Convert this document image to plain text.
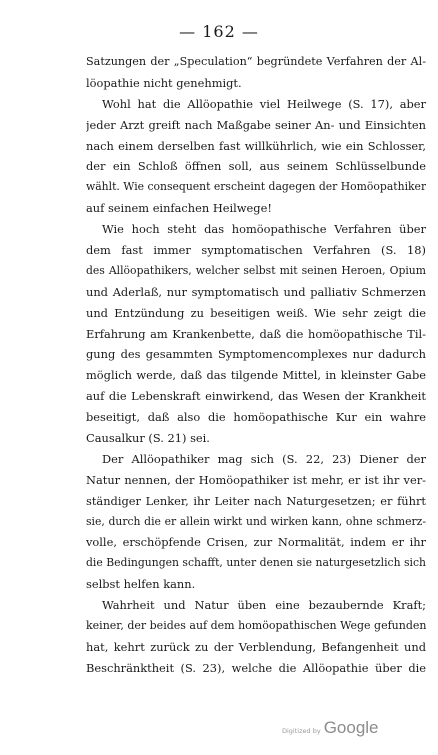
— 162 —
Satzungen der „Speculation“ begründete Verfahren der Al-
löopathie nicht genehmigt.
Wohl hat die Allöopathie viel Heilwege (S. 17), aber
jeder Arzt greift nach Maßgabe seiner An- und Einsichten
nach einem derselben fast willkührlich, wie ein Schlosser,
der ein Schloß öffnen soll, aus seinem Schlüsselbunde
wählt. Wie consequent erscheint dagegen der Homöopathiker
auf seinem einfachen Heilwege!
Wie hoch steht das homöopathische Verfahren über
dem fast immer symptomatischen Verfahren (S. 18)
des Allöopathikers, welcher selbst mit seinen Heroen, Opium
und Aderlaß, nur symptomatisch und palliativ Schmerzen
und Entzündung zu beseitigen weiß. Wie sehr zeigt die
Erfahrung am Krankenbette, daß die homöopathische Til-
gung des gesammten Symptomencomplexes nur dadurch
möglich werde, daß das tilgende Mittel, in kleinster Gabe
auf die Lebenskraft einwirkend, das Wesen der Krankheit
beseitigt, daß also die homöopathische Kur ein wahre
Causalkur (S. 21) sei.
Der Allöopathiker mag sich (S. 22, 23) Diener der
Natur nennen, der Homöopathiker ist mehr, er ist ihr ver-
ständiger Lenker, ihr Leiter nach Naturgesetzen; er führt
sie, durch die er allein wirkt und wirken kann, ohne schmerz-
volle, erschöpfende Crisen, zur Normalität, indem er ihr
die Bedingungen schafft, unter denen sie naturgesetzlich sich
selbst helfen kann.
Wahrheit und Natur üben eine bezaubernde Kraft;
keiner, der beides auf dem homöopathischen Wege gefunden
hat, kehrt zurück zu der Verblendung, Befangenheit und
Beschränktheit (S. 23), welche die Allöopathie über die
Digitized by Google
